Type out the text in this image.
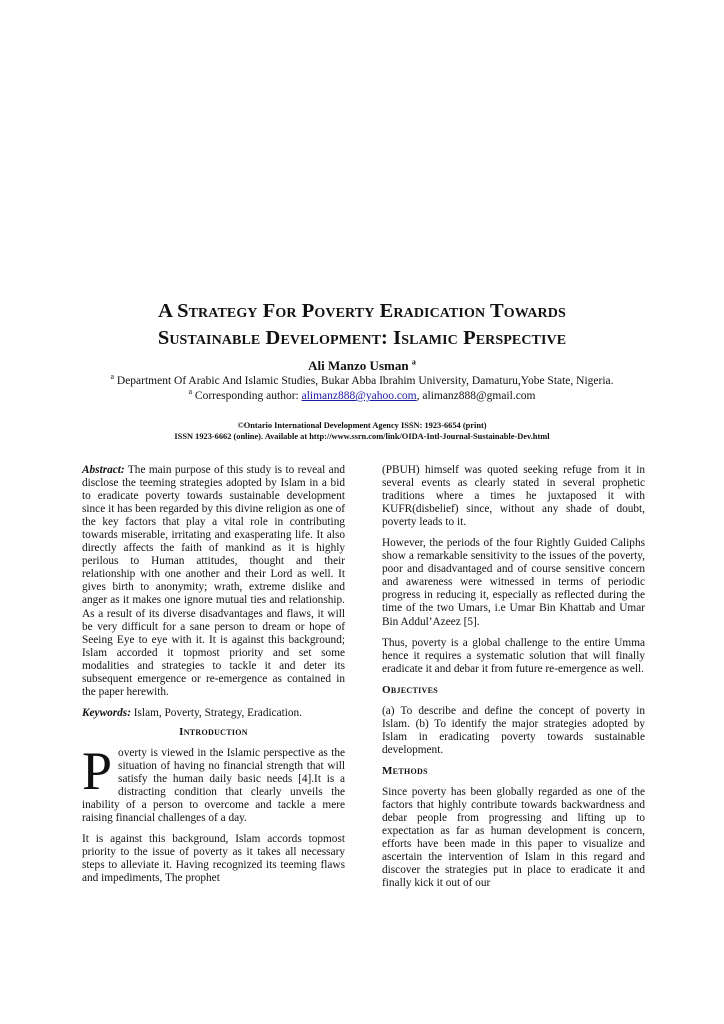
A Strategy For Poverty Eradication Towards
Sustainable Development: Islamic Perspective
Ali Manzo Usman $^a$
$^a$ Department Of Arabic And Islamic Studies, Bukar Abba Ibrahim University, Damaturu,Yobe State, Nigeria.
$^a$ Corresponding author: alimanz888@yahoo.com, alimanz888@gmail.com
©Ontario International Development Agency ISSN: 1923-6654 (print)
ISSN 1923-6662 (online). Available at http://www.ssrn.com/link/OIDA-Intl-Journal-Sustainable-Dev.html

Abstract: The main purpose of this study is to reveal and disclose the teeming strategies adopted by Islam in a bid to eradicate poverty towards sustainable development since it has been regarded by this divine religion as one of the key factors that play a vital role in contributing towards miserable, irritating and exasperating life. It also directly affects the faith of mankind as it is highly perilous to Human attitudes, thought and their relationship with one another and their Lord as well. It gives birth to anonymity; wrath, extreme dislike and anger as it makes one ignore mutual ties and relationship. As a result of its diverse disadvantages and flaws, it will be very difficult for a sane person to dream or hope of Seeing Eye to eye with it. It is against this background; Islam accorded it topmost priority and set some modalities and strategies to tackle it and deter its subsequent emergence or re-emergence as contained in the paper herewith.

Keywords: Islam, Poverty, Strategy, Eradication.

Introduction

Poverty is viewed in the Islamic perspective as the situation of having no financial strength that will satisfy the human daily basic needs [4].It is a distracting condition that clearly unveils the inability of a person to overcome and tackle a mere raising financial challenges of a day.

It is against this background, Islam accords topmost priority to the issue of poverty as it takes all necessary steps to alleviate it. Having recognized its teeming flaws and impediments, The prophet

(PBUH) himself was quoted seeking refuge from it in several events as clearly stated in several prophetic traditions where a times he juxtaposed it with KUFR(disbelief) since, without any shade of doubt, poverty leads to it.

However, the periods of the four Rightly Guided Caliphs show a remarkable sensitivity to the issues of the poverty, poor and disadvantaged and of course sensitive concern and awareness were witnessed in terms of periodic progress in reducing it, especially as reflected during the time of the two Umars, i.e Umar Bin Khattab and Umar Bin Addul’Azeez [5].

Thus, poverty is a global challenge to the entire Umma hence it requires a systematic solution that will finally eradicate it and debar it from future re-emergence as well.

Objectives

(a) To describe and define the concept of poverty in Islam. (b) To identify the major strategies adopted by Islam in eradicating poverty towards sustainable development.

Methods

Since poverty has been globally regarded as one of the factors that highly contribute towards backwardness and debar people from progressing and lifting up to expectation as far as human development is concern, efforts have been made in this paper to visualize and ascertain the intervention of Islam in this regard and discover the strategies put in place to eradicate it and finally kick it out of our
